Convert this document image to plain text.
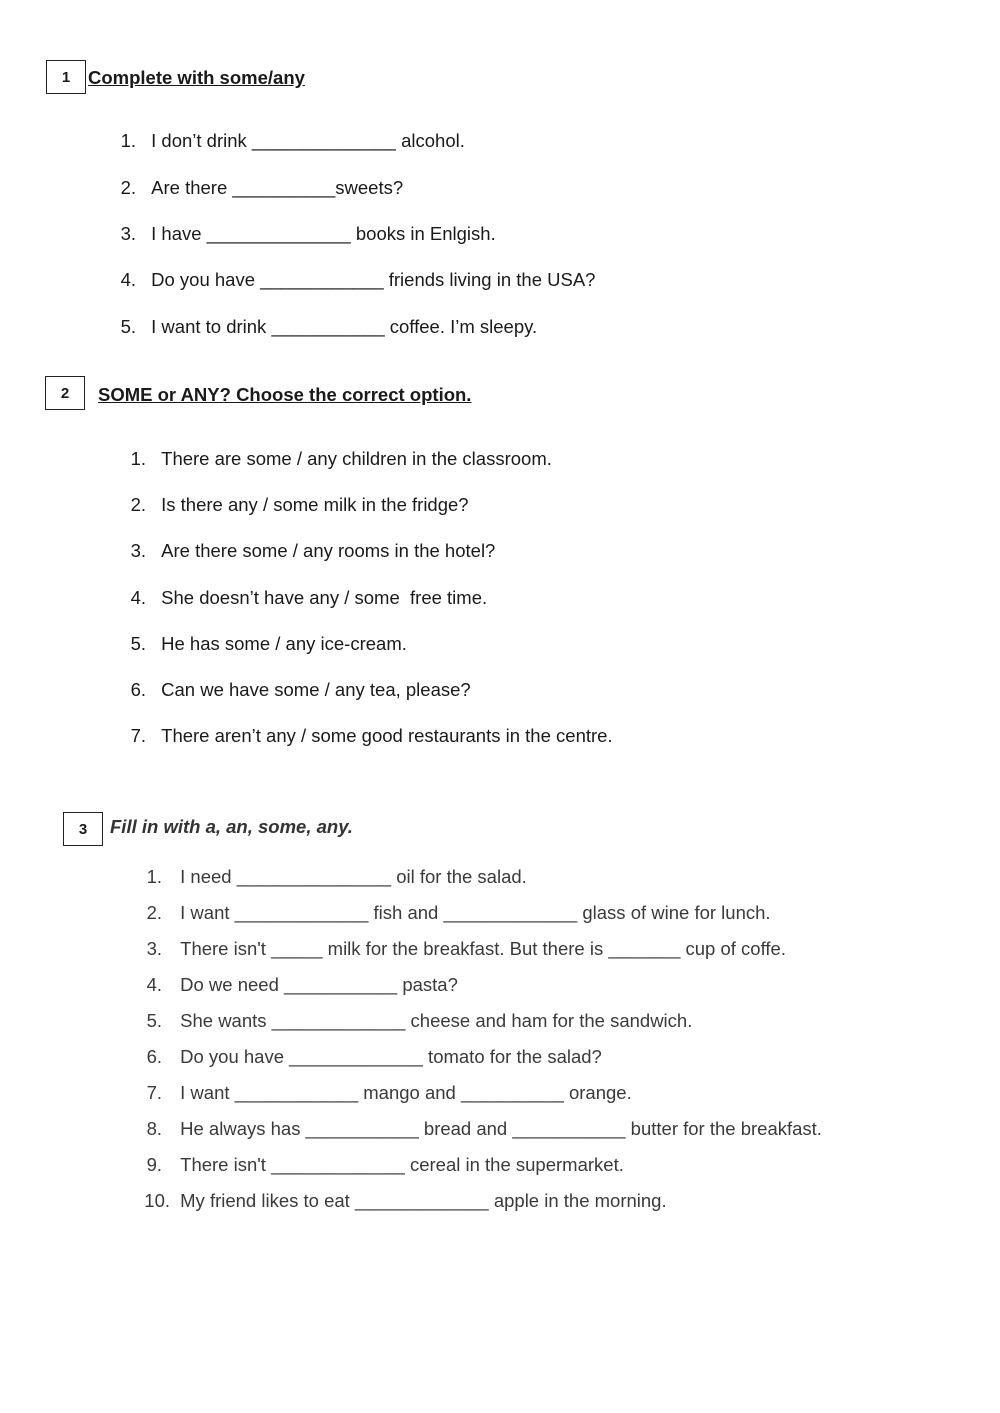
1 Complete with some/any
1. I don’t drink ______________ alcohol.
2. Are there __________sweets?
3. I have ______________ books in Enlgish.
4. Do you have ____________ friends living in the USA?
5. I want to drink ___________ coffee. I’m sleepy.
2	SOME or ANY? Choose the correct option.
1. There are some / any children in the classroom.
2. Is there any / some milk in the fridge?
3. Are there some / any rooms in the hotel?
4. She doesn’t have any / some  free time.
5. He has some / any ice-cream.
6. Can we have some / any tea, please?
7. There aren’t any / some good restaurants in the centre.
3	Fill in with a, an, some, any.
1. I need _______________ oil for the salad.
2. I want _____________ fish and _____________ glass of wine for lunch.
3. There isn't _____ milk for the breakfast. But there is _______ cup of coffe.
4. Do we need ___________ pasta?
5. She wants _____________ cheese and ham for the sandwich.
6. Do you have _____________ tomato for the salad?
7. I want ____________ mango and __________ orange.
8. He always has ___________ bread and ___________ butter for the breakfast.
9. There isn't _____________ cereal in the supermarket.
10. My friend likes to eat _____________ apple in the morning.
